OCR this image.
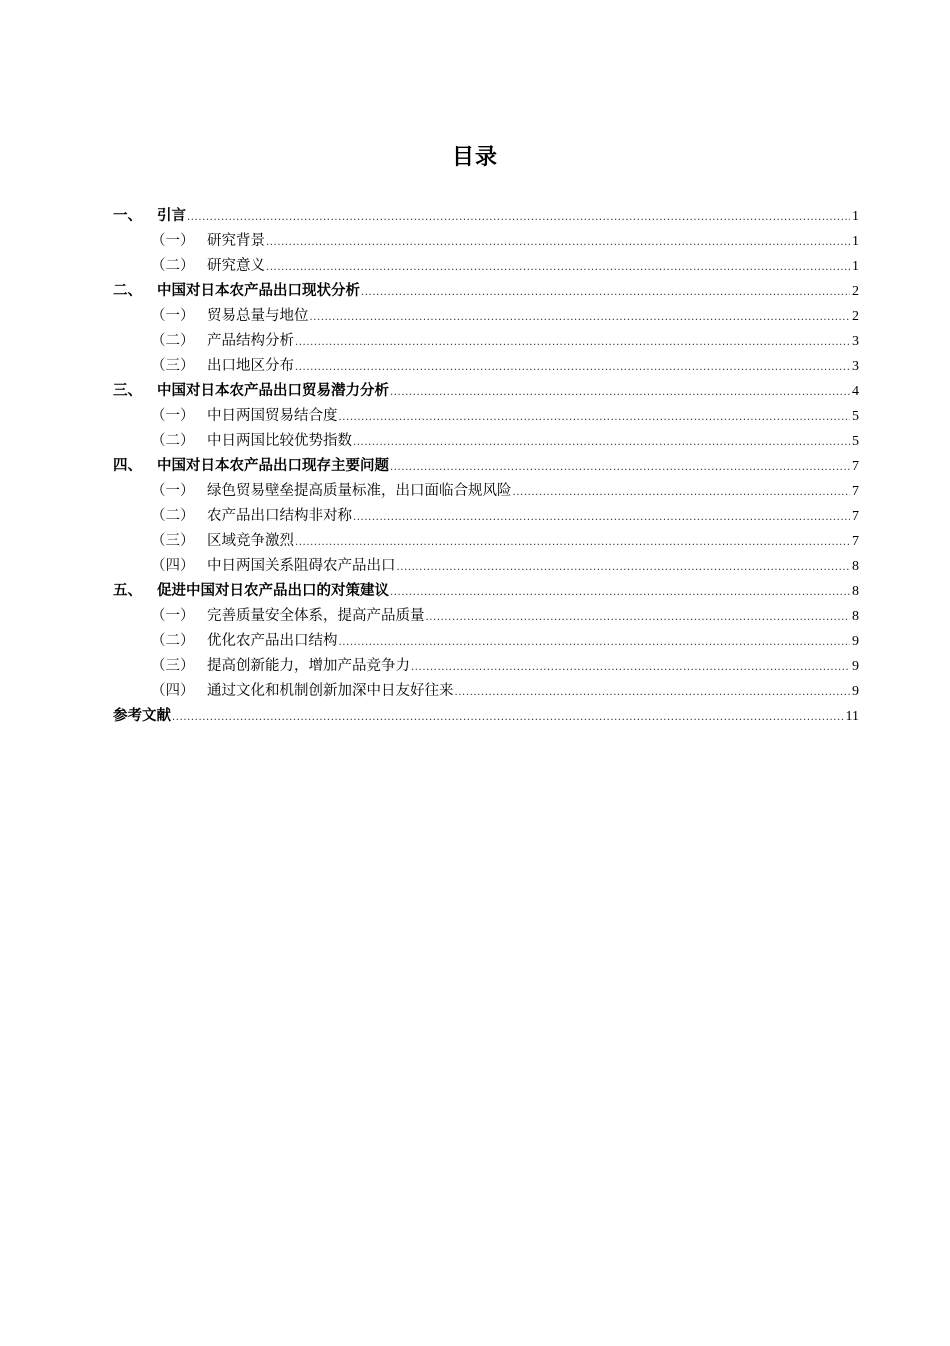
目录
一、	引言 .....	1
（一） 研究背景 .....	1
（二） 研究意义 .....	1
二、	中国对日本农产品出口现状分析 .....	2
（一） 贸易总量与地位 .....	2
（二） 产品结构分析 .....	3
（三） 出口地区分布 .....	3
三、	中国对日本农产品出口贸易潜力分析 .....	4
（一） 中日两国贸易结合度 .....	5
（二） 中日两国比较优势指数 .....	5
四、	中国对日本农产品出口现存主要问题 .....	7
（一） 绿色贸易壁垒提高质量标准，出口面临合规风险 .....	7
（二） 农产品出口结构非对称 .....	7
（三） 区域竞争激烈 .....	7
（四） 中日两国关系阻碍农产品出口 .....	8
五、	促进中国对日农产品出口的对策建议 .....	8
（一） 完善质量安全体系，提高产品质量 .....	8
（二） 优化农产品出口结构 .....	9
（三） 提高创新能力，增加产品竞争力 .....	9
（四） 通过文化和机制创新加深中日友好往来 .....	9
参考文献 .....	11
